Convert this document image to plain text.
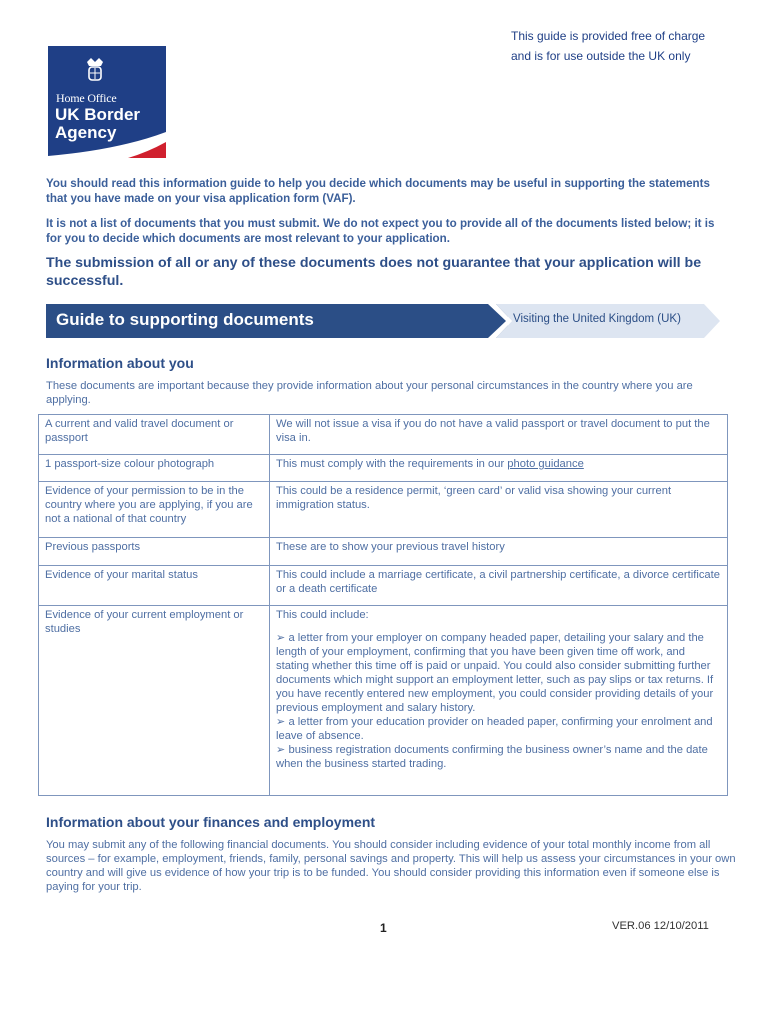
Home Office
UK Border
Agency
This guide is provided free of charge
and is for use outside the UK only
You should read this information guide to help you decide which documents may be useful in supporting the statements that you have made on your visa application form (VAF).
It is not a list of documents that you must submit. We do not expect you to provide all of the documents listed below; it is for you to decide which documents are most relevant to your application.
The submission of all or any of these documents does not guarantee that your application will be successful.
Guide to supporting documents	Visiting the United Kingdom (UK)
Information about you
These documents are important because they provide information about your personal circumstances in the country where you are applying.
A current and valid travel document or passport	We will not issue a visa if you do not have a valid passport or travel document to put the visa in.
1 passport-size colour photograph	This must comply with the requirements in our photo guidance
Evidence of your permission to be in the country where you are applying, if you are not a national of that country	This could be a residence permit, ‘green card’ or valid visa showing your current immigration status.
Previous passports	These are to show your previous travel history
Evidence of your marital status	This could include a marriage certificate, a civil partnership certificate, a divorce certificate or a death certificate
Evidence of your current employment or studies	This could include:
➢ a letter from your employer on company headed paper, detailing your salary and the length of your employment, confirming that you have been given time off work, and stating whether this time off is paid or unpaid. You could also consider submitting further documents which might support an employment letter, such as pay slips or tax returns. If you have recently entered new employment, you could consider providing details of your previous employment and salary history.
➢ a letter from your education provider on headed paper, confirming your enrolment and leave of absence.
➢ business registration documents confirming the business owner’s name and the date when the business started trading.
Information about your finances and employment
You may submit any of the following financial documents. You should consider including evidence of your total monthly income from all sources – for example, employment, friends, family, personal savings and property. This will help us assess your circumstances in your own country and will give us evidence of how your trip is to be funded. You should consider providing this information even if someone else is paying for your trip.
1	VER.06 12/10/2011
